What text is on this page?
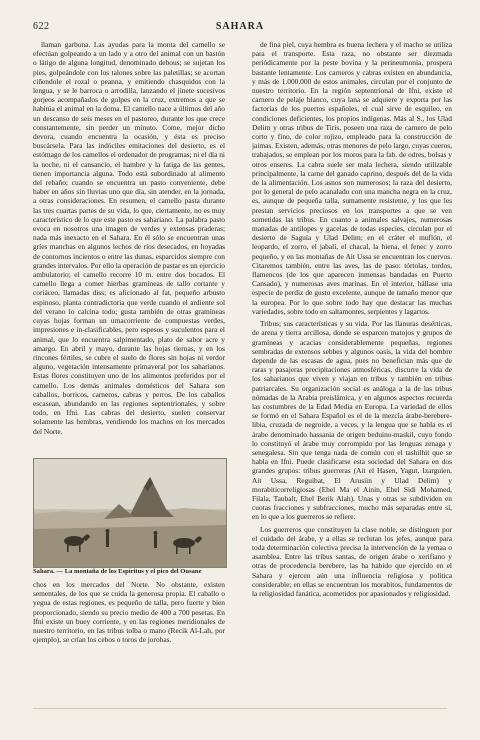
622	SAHARA

llaman garbona. Las ayudas para la monta del camello se efectúan golpeando a un lado y a otro del animal con un bastón o látigo de alguna longitud, denominado debous; se sujetan los pies, golpeándole con los talones sobre las paletillas; se acortan ciñendole el rozal o peanna, y emitiendo chasquidos con la lengua, y se le barroca o arrodilla, lanzando el jinete sucesivos gorjeos acompañados de golpes en la cruz, extremos a que se habitúa el animal en la doma. El camello nace a últimos del año un descanso de seis meses en el pastoreo, durante los que crece constantemente, sin perder un minuto. Come, mejor dicho devora, cuando encuentra la ocasión, y ésta es preciso buscársela. Para las indóciles emitaciones del desierto, es el estómago de los camellos el ordenador de programas; ni el día ni la noche, ni el cansancio, el hambre y la fatiga de las gentes, tienen importancia alguna. Todo está subordinado al alimento del rebaño; cuando se encuentra un pasto conveniente, debe haber en años sin lluvias uno que día, sin atender, en la jornada, a otras consideraciones. En resumen, el camello pasta durante las tres cuartas partes de su vida, lo que, ciertamente, no es muy característico de lo que este pasto es sahariano. La palabra pasto evoca en nosotros una imagen de verdes y extensas praderas; nada más inexacto en el Sahara. En él sólo se encuentran unas gríes manchas en algunos lechos de ríos desecados, en hoyadas de contornos incientos o entre las dunas, esparcidos siempre con grandes intervalos. Por ello la operación de pastar es un ejercicio ambulatorio; el camello recorre 10 m. entre dos bocados. El camello llega a comer hierbas gramíneas de tallo cortante y coriáceo, llamadas diss; es aficionado al fat, pequeño arbusto espinoso, planta contradictoria que verde cuando el ardiente sol del verano lo calcina todo; gusta también de otras gramíneas cuyas hojas forman un umacorriente de compuestas verdes, impresiones e in-clasificables, pero espesos y suculentos para el animal, que lo encuentra salpimentado, plato de sabor acre y amargo. En abril y mayo, durante las hojas tiernas, y en los rincones fértiles, se cubre el suelo de flores sin hojas ni verdor alguno, vegetación intensamente primaveral por los saharianos. Estas flores constituyen uno de los alimentos preferidos por el camello. Los demás animales domésticos del Sahara son caballos, borricos, carneros, cabras y perros. De los caballos escasean, abundando en las regiones septentrionales, y sobre todo, en Ifni. Las cabras del desierto, suelen conservar solamente las hembras, vendiendo los machos en los mercados del Norte.

Sahara. — La montaña de los Espíritus y el pico del Ousane

chos en los mercados del Norte. No obstante, existen sementales, de los que se cuida la generosa propia. El caballo o yegua de estas regiones, es pequeño de talla, pero fuerte y bien proporcionado, siendo su precio medio de 400 a 700 pesetas. En Ifni existe un buey corriente, y en las regiones meridionales de nuestro territorio, en las tribus tolba o mano (Recik Al-Lah, por ejemplo), se crían los cebos o toros de jorobas.

de fina piel, cuya hembra es buena lechera y el macho se utiliza para el transporte. Esta raza, no obstante ser diezmada periódicamente por la peste bovina y la perineumonía, prospera bastante lentamente. Los carneros y cabras existen en abundancia, y más de 1.000.000 de estos animales, circulan por el conjunto de nuestro territorio. En la región septentrional de Ifni, existe el carnero de pelaje blanco, cuya lana se adquiere y exporta por las factorías de los puertos españoles, el cual sirve de esquileo, en condiciones deficientes, los propios indígenas. Más al S., los Ulad Delim y otras tribus de Tiris, poseen una raza de carnero de pelo corto y fino, de color rojizo, empleado para la construcción de jaimas. Existen, además, otras menores de pelo largo, cuyas cueros, trabajados, se emplean por los moros para la fab. de odres, bolsas y otros enseres. La cabra suele ser mala lechera, siendo utilizable principalmente, la carne del ganado caprino, después del de la vida de la alimentación. Los asnos son numerosos; la raza del desierto, por lo general de pelo acanalado con una mancha negra en la cruz, es, aunque de pequeña talla, sumamente resistente, y los que les prestan servicios preciosos en los transportes a que se ven sometidas las tribus. En cuanto a animales salvajes, numerosas manadas de antílopes y gacelas de todas especies, circulan por el desierto de Saguía y Ulad Delim; en el cráter el muflón, el leopardo, el zorro, el jabalí, el chacal, la hiena, el fenec y zorro pequeño, y en las montañas de Ait Ussa se encuentran los cuervos. Citaremos también, entre las aves, las de paso: tórtolas, tordos, flamencos (de los que aparecen inmensas bandadas en Puerto Cansado), y numerosas aves marinas. En el interior, hállase una especie de perdiz de gusto excelente, aunque de tamaño menor que la europea. Por lo que sobre todo hay que destacar las muchas variedades, sobre todo en saltamontes, serpientes y lagartos.

Tribus; sus características y su vida. Por las llanuras desérticas, de arena y tierra arcillosa, donde se esparcen matojos y grupos de gramíneas y acacias considerablemente pequeñas, regiones sembradas de extensos sebbes y algunos oasis, la vida del hombre depende de las escasas de agua, pues no benefician más que de raras y pasajeras precipitaciones atmosféricas, discurre la vida de los saharianos que viven y viajan en tribus y también en tribus patriarcales. Su organización social es análoga a la de las tribus nómadas de la Arabia preislámica, y en algunos aspectos recuerda las costumbres de la Edad Media en Europa. La variedad de ellos se formó en el Sahara Español es el de la mezcla árabe-berebere-libia, cruzada de negroide, a veces, y la lengua que se habla es el árabe denominado hassania de origen beduino-maskil, cuyo fondo lo constituyó el árabe muy corrompido por las lenguas zenaga y senegalesa. Sin que tenga nada de común con el tashilhit que se habla en Ifni. Puede clasificarse esta sociedad del Sahara en dos grandes grupos: tribus guerreras (Ait el Hasen, Yagut, Izarguien, Ait Ussa, Reguibat, El Arusiin y Ulad Delim) y morabiticorreligiosas (Ehel Ma el Ainin, Ehel Sidi Mohamed, Filala, Taubalt, Ehel Berik Alah). Unas y otras se subdividen en cuotas fracciones y subfracciones, mucho más separadas entre sí, en lo que a los guerreros se refiere.

Los guerreros que constituyen la clase noble, se distinguen por el cuidado del árabe, y a ellas se reclutan los jefes, aunque para toda determinación colectiva precisa la intervención de la yemaa o asamblea. Entre las tribus santas, de origen árabe o xerifiano y otras de procedencia berebere, las ha habido que ejercido en el Sahara y ejercen aún una influencia religiosa y política considerable; en ellas se encuentran los morabitos, fundamentos de la religiosidad fanática, acometidos por apasionados y religiosidad.
